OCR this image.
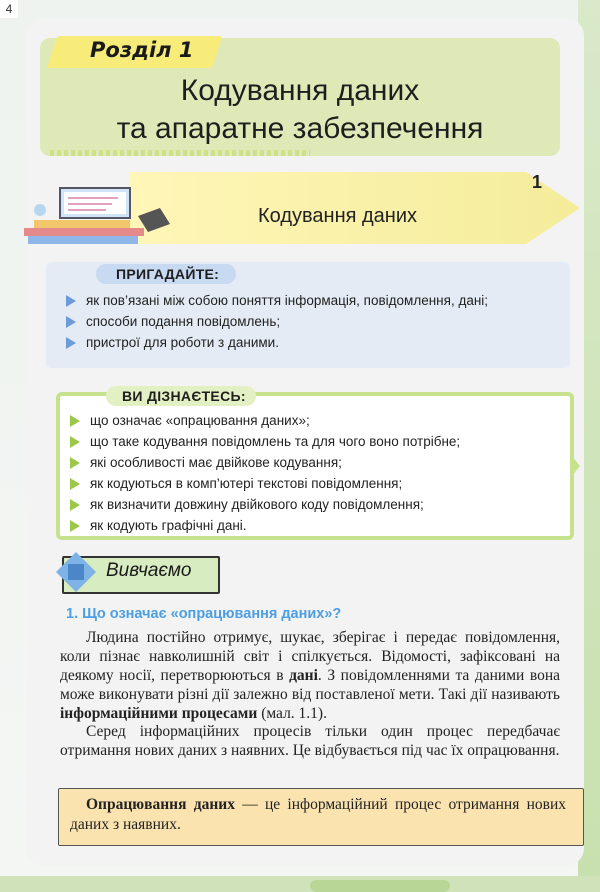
4
Розділ 1
Кодування даних
та апаратне забезпечення
1
Кодування даних
ПРИГАДАЙТЕ:
як пов’язані між собою поняття інформація, повідомлення, дані;
способи подання повідомлень;
пристрої для роботи з даними.
ВИ ДІЗНАЄТЕСЬ:
що означає «опрацювання даних»;
що таке кодування повідомлень та для чого воно потрібне;
які особливості має двійкове кодування;
як кодуються в комп’ютері текстові повідомлення;
як визначити довжину двійкового коду повідомлення;
як кодують графічні дані.
Вивчаємо
1. Що означає «опрацювання даних»?
Людина постійно отримує, шукає, зберігає і передає повідомлення, коли пізнає навколишній світ і спілкується. Відомості, зафіксовані на деякому носії, перетворюються в дані. З повідомленнями та даними вона може виконувати різні дії залежно від поставленої мети. Такі дії називають інформаційними процесами (мал. 1.1).
Серед інформаційних процесів тільки один процес передбачає отримання нових даних з наявних. Це відбувається під час їх опрацювання.
Опрацювання даних — це інформаційний процес отримання нових даних з наявних.
